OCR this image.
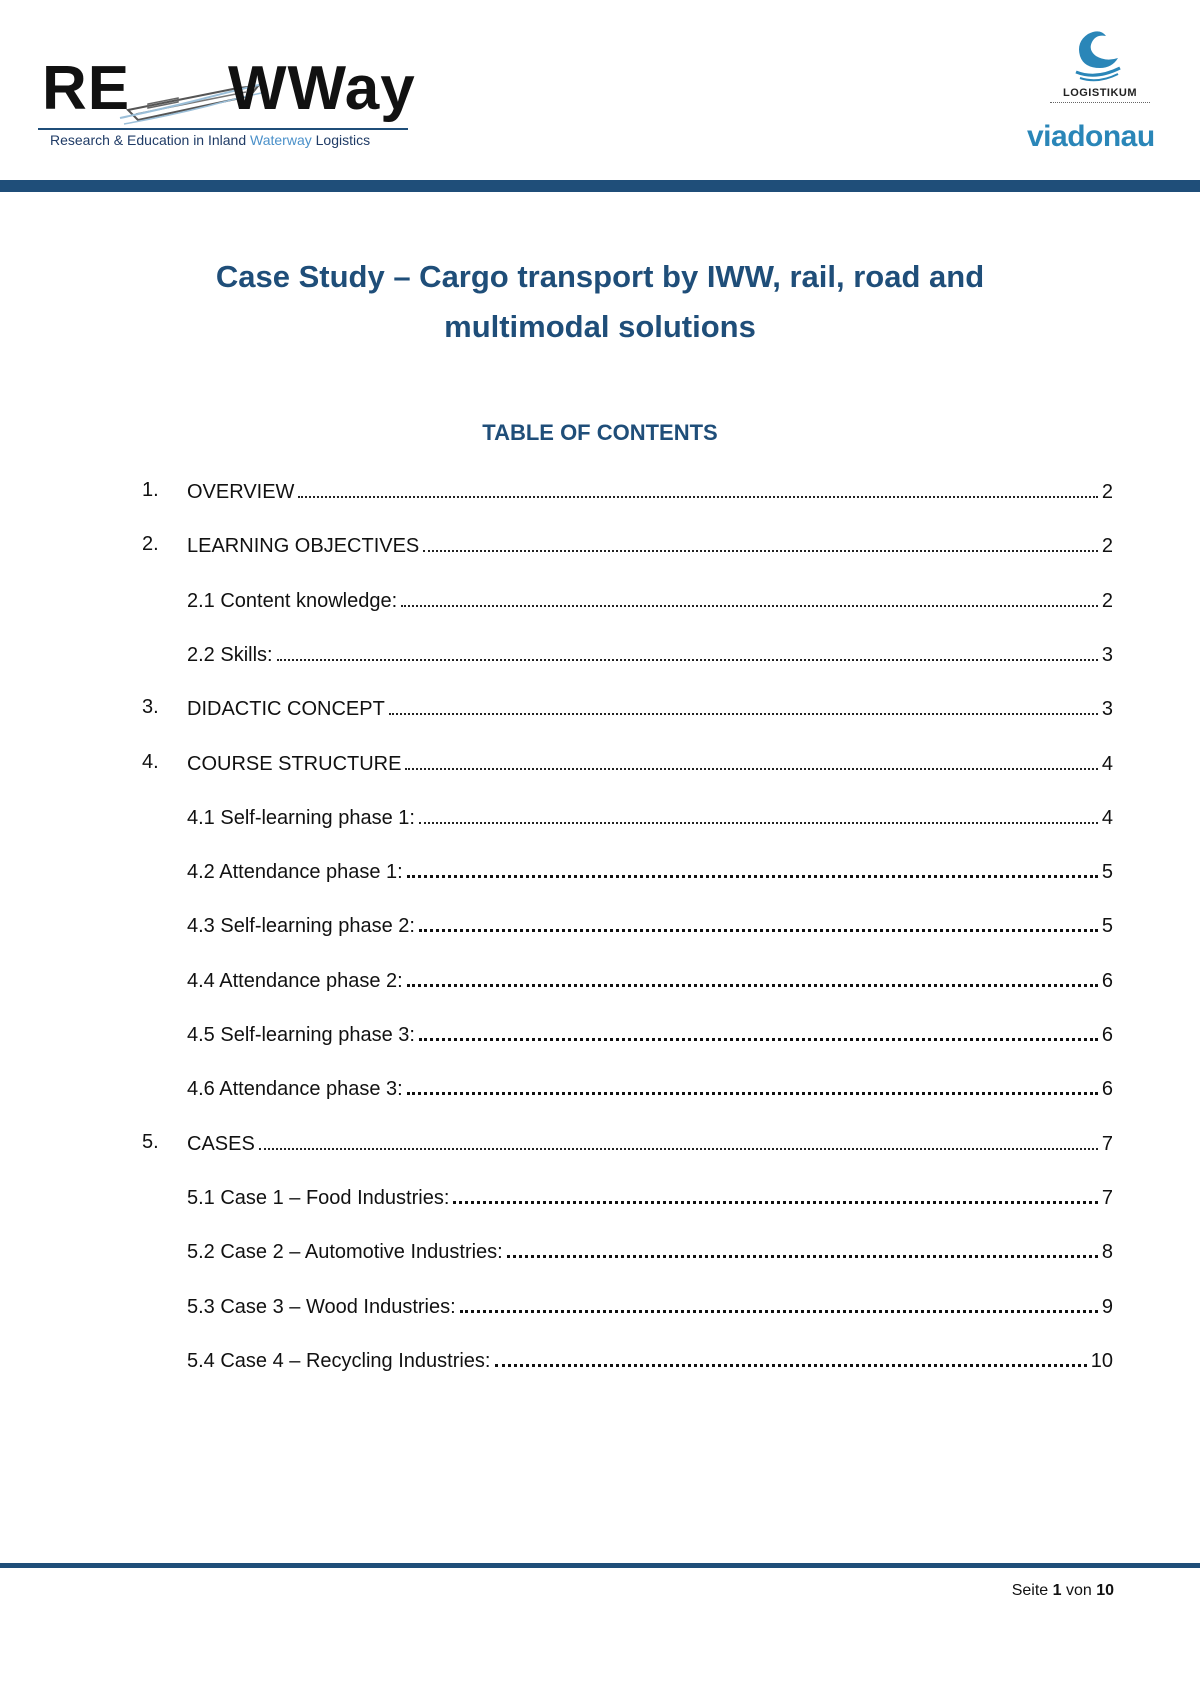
RE WWay
Research & Education in Inland Waterway Logistics
LOGISTIKUM
viadonau
Case Study – Cargo transport by IWW, rail, road and
multimodal solutions
TABLE OF CONTENTS
1. OVERVIEW	2
2. LEARNING OBJECTIVES	2
2.1 Content knowledge:	2
2.2 Skills:	3
3. DIDACTIC CONCEPT	3
4. COURSE STRUCTURE	4
4.1 Self-learning phase 1:	4
4.2 Attendance phase 1:	5
4.3 Self-learning phase 2:	5
4.4 Attendance phase 2:	6
4.5 Self-learning phase 3:	6
4.6 Attendance phase 3:	6
5. CASES	7
5.1 Case 1 – Food Industries:	7
5.2 Case 2 – Automotive Industries:	8
5.3 Case 3 – Wood Industries:	9
5.4 Case 4 – Recycling Industries:	10
Seite 1 von 10
